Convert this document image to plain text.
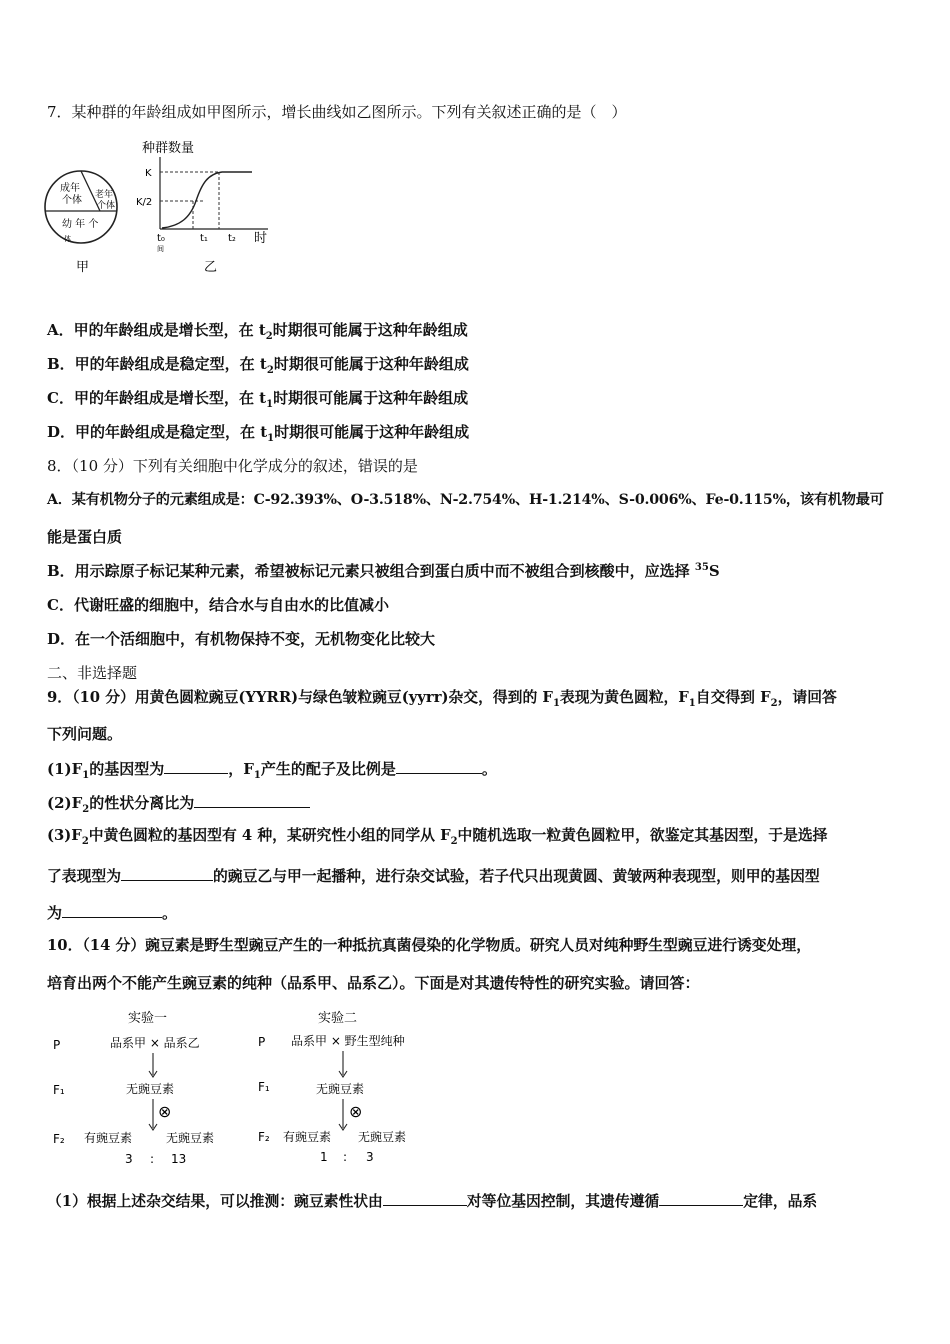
7．某种群的年龄组成如甲图所示，增长曲线如乙图所示。下列有关叙述正确的是（　）
成年
个体 老年
个体
幼 年 个
体
甲
种群数量
K
K/2
t₀	t₁ t₂ 时
间
乙
A．甲的年龄组成是增长型，在 $t_2$时期很可能属于这种年龄组成
B．甲的年龄组成是稳定型，在 $t_2$时期很可能属于这种年龄组成
C．甲的年龄组成是增长型，在 $t_1$时期很可能属于这种年龄组成
D．甲的年龄组成是稳定型，在 $t_1$时期很可能属于这种年龄组成
8．（10 分）下列有关细胞中化学成分的叙述，错误的是
A．某有机物分子的元素组成是：C-92.393%、O-3.518%、N-2.754%、H-1.214%、S-0.006%、Fe-0.115%，该有机物最可
能是蛋白质
B．用示踪原子标记某种元素，希望被标记元素只被组合到蛋白质中而不被组合到核酸中，应选择 $^{35}$S
C．代谢旺盛的细胞中，结合水与自由水的比值减小
D．在一个活细胞中，有机物保持不变，无机物变化比较大
二、非选择题
9．（10 分）用黄色圆粒豌豆(YYRR)与绿色皱粒豌豆(yyrr)杂交，得到的 $F_1$表现为黄色圆粒，$F_1$自交得到 $F_2$，请回答
下列问题。
$(1)F_1$的基因型为	，$F_1$产生的配子及比例是	。
$(2)F_2$的性状分离比为
$(3)F_2$中黄色圆粒的基因型有 4 种，某研究性小组的同学从 $F_2$中随机选取一粒黄色圆粒甲，欲鉴定其基因型，于是选择
了表现型为	的豌豆乙与甲一起播种，进行杂交试验，若子代只出现黄圆、黄皱两种表现型，则甲的基因型
为	。
10．（14 分）豌豆素是野生型豌豆产生的一种抵抗真菌侵染的化学物质。研究人员对纯种野生型豌豆进行诱变处理，
培育出两个不能产生豌豆素的纯种（品系甲、品系乙）。下面是对其遗传特性的研究实验。请回答：
实验一
P	品系甲 × 品系乙
F₁	无豌豆素
⊗
F₂ 有豌豆素	无豌豆素
3 : 13
实验二
P 品系甲 × 野生型纯种
F₁	无豌豆素
⊗
F₂ 有豌豆素 无豌豆素
1 : 3
（1）根据上述杂交结果，可以推测：豌豆素性状由	对等位基因控制，其遗传遵循	定律，品系
